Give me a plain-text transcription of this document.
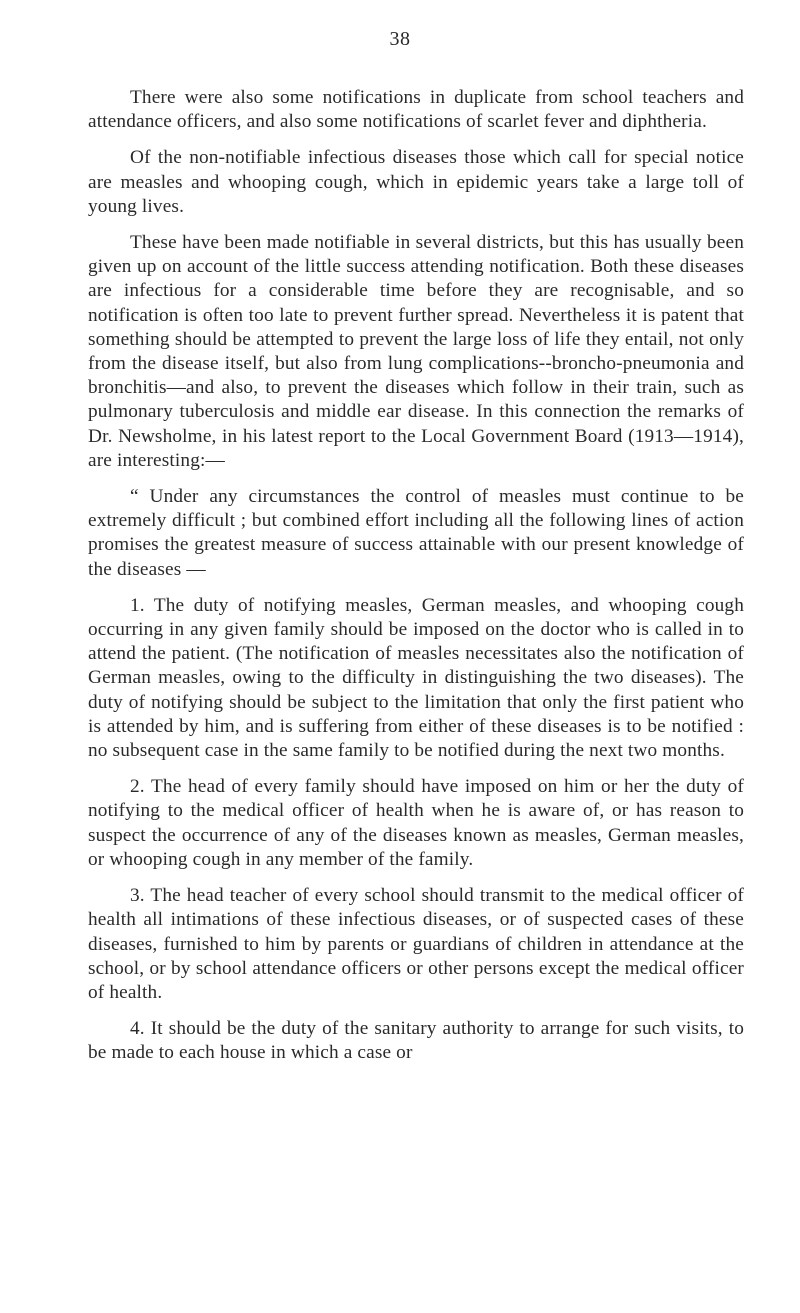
38

There were also some notifications in duplicate from school teachers and attendance officers, and also some notifications of scarlet fever and diphtheria.

Of the non-notifiable infectious diseases those which call for special notice are measles and whooping cough, which in epidemic years take a large toll of young lives.

These have been made notifiable in several districts, but this has usually been given up on account of the little success attending notification. Both these diseases are infectious for a considerable time before they are recognisable, and so notification is often too late to prevent further spread. Nevertheless it is patent that something should be attempted to prevent the large loss of life they entail, not only from the disease itself, but also from lung complications--broncho-pneumonia and bronchitis—and also, to prevent the diseases which follow in their train, such as pulmonary tuberculosis and middle ear disease. In this connection the remarks of Dr. Newsholme, in his latest report to the Local Government Board (1913—1914), are interesting:—

“ Under any circumstances the control of measles must continue to be extremely difficult ; but combined effort including all the following lines of action promises the greatest measure of success attainable with our present knowledge of the diseases —

1. The duty of notifying measles, German measles, and whooping cough occurring in any given family should be imposed on the doctor who is called in to attend the patient. (The notification of measles necessitates also the notification of German measles, owing to the difficulty in distinguishing the two diseases). The duty of notifying should be subject to the limitation that only the first patient who is attended by him, and is suffering from either of these diseases is to be notified : no subsequent case in the same family to be notified during the next two months.

2. The head of every family should have imposed on him or her the duty of notifying to the medical officer of health when he is aware of, or has reason to suspect the occurrence of any of the diseases known as measles, German measles, or whooping cough in any member of the family.

3. The head teacher of every school should transmit to the medical officer of health all intimations of these infectious diseases, or of suspected cases of these diseases, furnished to him by parents or guardians of children in attendance at the school, or by school attendance officers or other persons except the medical officer of health.

4. It should be the duty of the sanitary authority to arrange for such visits, to be made to each house in which a case or
